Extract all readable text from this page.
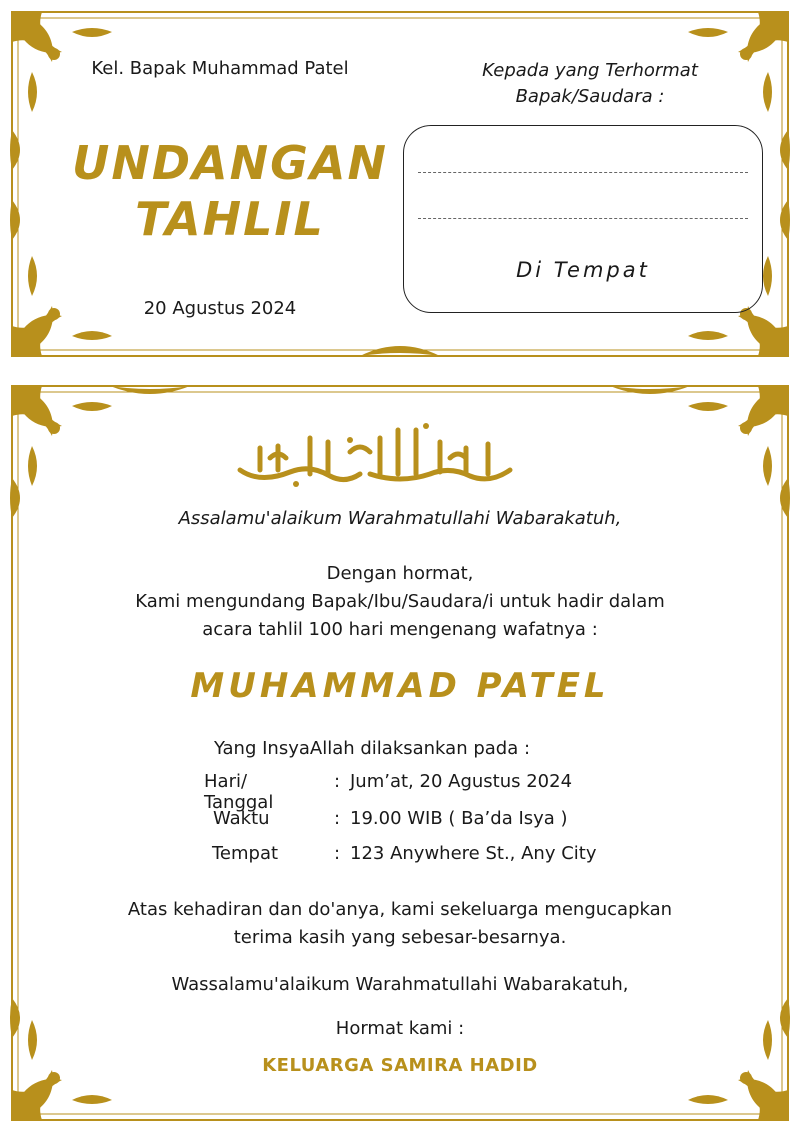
Kel. Bapak Muhammad Patel
UNDANGAN
TAHLIL
20 Agustus 2024
Kepada yang Terhormat
Bapak/Saudara :
Di Tempat
Assalamu'alaikum Warahmatullahi Wabarakatuh,
Dengan hormat,
Kami mengundang Bapak/Ibu/Saudara/i untuk hadir dalam
acara tahlil 100 hari mengenang wafatnya :
MUHAMMAD PATEL
Yang InsyaAllah dilaksankan pada :
Hari/ Tanggal
: Jum’at, 20 Agustus 2024
Waktu	: 19.00 WIB ( Ba’da Isya )
Tempat	: 123 Anywhere St., Any City
Atas kehadiran dan do'anya, kami sekeluarga mengucapkan
terima kasih yang sebesar-besarnya.
Wassalamu'alaikum Warahmatullahi Wabarakatuh,
Hormat kami :
KELUARGA SAMIRA HADID
